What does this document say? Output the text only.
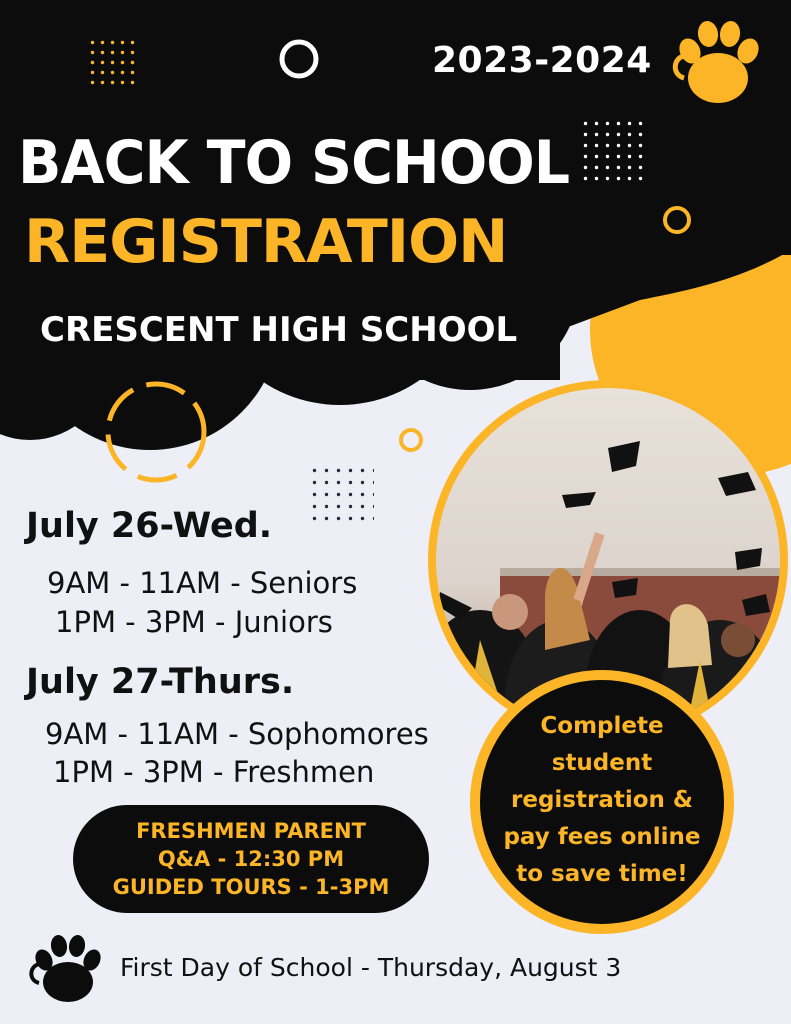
2023-2024
BACK TO SCHOOL
REGISTRATION
CRESCENT HIGH SCHOOL
July 26-Wed.
9AM - 11AM - Seniors
1PM - 3PM - Juniors
July 27-Thurs.
9AM - 11AM - Sophomores
1PM - 3PM - Freshmen
FRESHMEN PARENT
Q&A - 12:30 PM
GUIDED TOURS - 1-3PM
Complete
student
registration &
pay fees online
to save time!
First Day of School - Thursday, August 3
